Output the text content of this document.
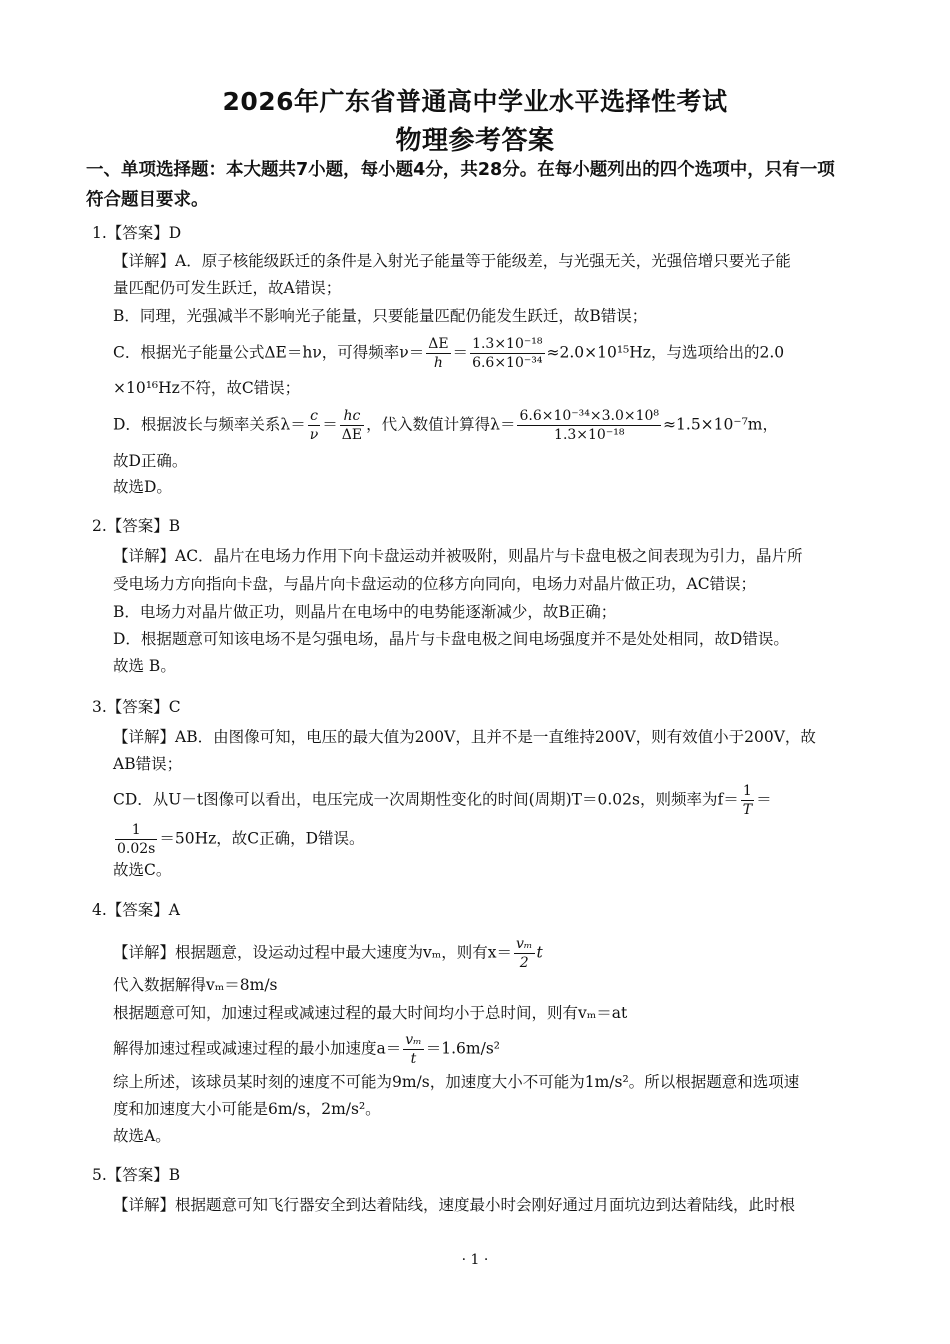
2026年广东省普通高中学业水平选择性考试
物理参考答案
一、单项选择题：本大题共7小题，每小题4分，共28分。在每小题列出的四个选项中，只有一项
符合题目要求。
1.【答案】D
【详解】A．原子核能级跃迁的条件是入射光子能量等于能级差，与光强无关，光强倍增只要光子能
量匹配仍可发生跃迁，故A错误；
B．同理，光强减半不影响光子能量，只要能量匹配仍能发生跃迁，故B错误；
C．根据光子能量公式ΔE＝hν，可得频率$\nu= \frac{\Delta E}{h} = \frac{\text{1.3×10⁻¹⁸}}{\text{6.6×10⁻³⁴}} \approx 2.0\times 10^{15}Hz$，与选项给出的2.0
×10¹⁶Hz不符，故C错误；
D．根据波长与频率关系$\lambda= \frac{c}{\nu} = \frac{hc}{\Delta E}$ ，代入数值计算得$\lambda= \frac{\text{6.6×10⁻³⁴×3.0×10⁸}}{\text{1.3×10⁻¹⁸}} \approx 1.5\times 10^{-7}m$，
故D正确。
故选D。
2.【答案】B
【详解】AC．晶片在电场力作用下向卡盘运动并被吸附，则晶片与卡盘电极之间表现为引力，晶片所
受电场力方向指向卡盘，与晶片向卡盘运动的位移方向同向，电场力对晶片做正功，AC错误；
B．电场力对晶片做正功，则晶片在电场中的电势能逐渐减少，故B正确；
D．根据题意可知该电场不是匀强电场，晶片与卡盘电极之间电场强度并不是处处相同，故D错误。
故选 B。
3.【答案】C
【详解】AB．由图像可知，电压的最大值为200V，且并不是一直维持200V，则有效值小于200V，故
AB错误；
CD．从U－t图像可以看出，电压完成一次周期性变化的时间(周期)T＝0.02s，则频率为$f= \frac{1}{T}$ ＝
$\frac{1}{0.02s} =50Hz$，故C正确，D错误。
故选C。
4.【答案】A
【详解】根据题意，设运动过程中最大速度为vₘ，则有$x= \frac{\text{vₘ}}{2}$ t
代入数据解得vₘ＝8m/s
根据题意可知，加速过程或减速过程的最大时间均小于总时间，则有vₘ＝at
解得加速过程或减速过程的最小加速度$a= \frac{\text{vₘ}}{t} =1.6m/s^2$
综上所述，该球员某时刻的速度不可能为9m/s，加速度大小不可能为1m/s²。所以根据题意和选项速
度和加速度大小可能是6m/s，2m/s²。
故选A。
5.【答案】B
【详解】根据题意可知飞行器安全到达着陆线，速度最小时会刚好通过月面坑边到达着陆线，此时根
· 1 ·
